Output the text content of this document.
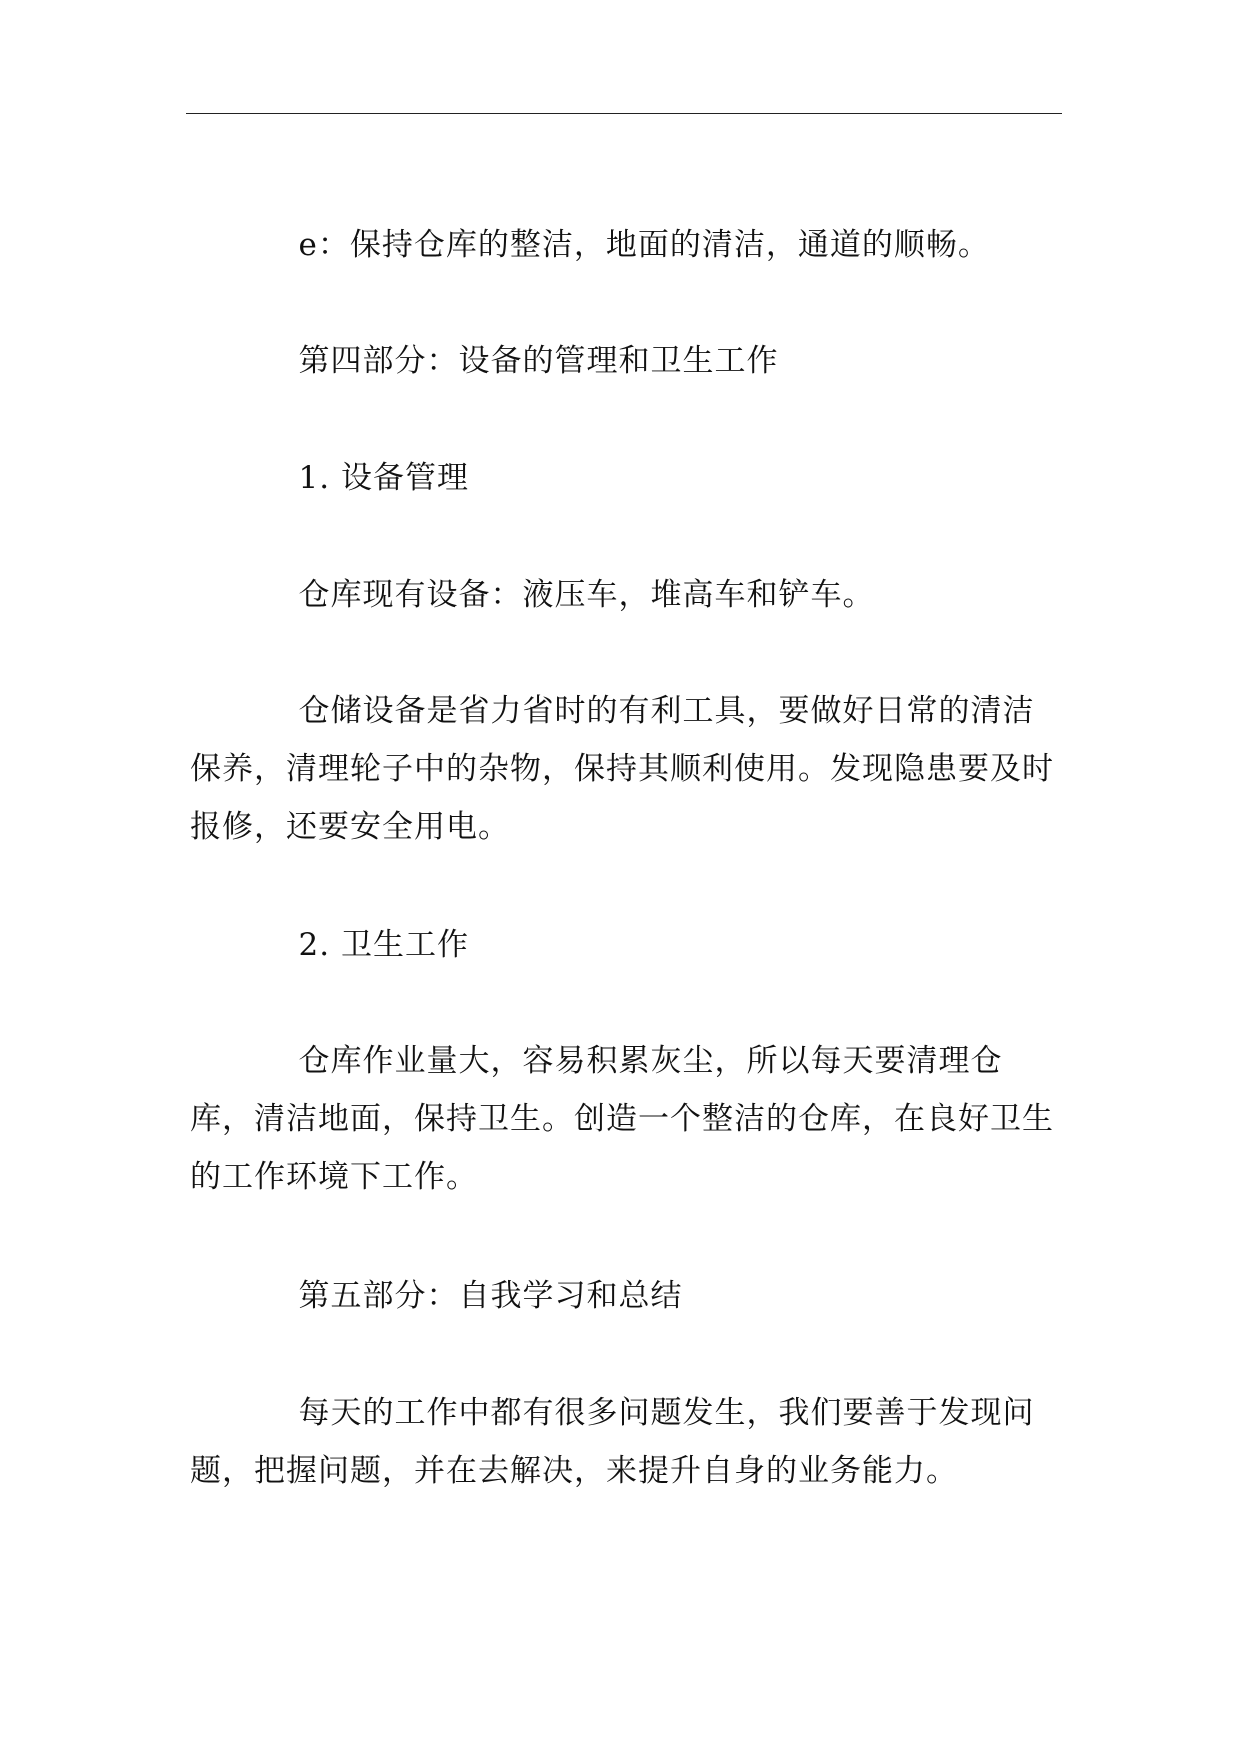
e：保持仓库的整洁，地面的清洁，通道的顺畅。

第四部分：设备的管理和卫生工作

1. 设备管理

仓库现有设备：液压车，堆高车和铲车。

仓储设备是省力省时的有利工具，要做好日常的清洁保养，清理轮子中的杂物，保持其顺利使用。发现隐患要及时报修，还要安全用电。

2. 卫生工作

仓库作业量大，容易积累灰尘，所以每天要清理仓库，清洁地面，保持卫生。创造一个整洁的仓库，在良好卫生的工作环境下工作。

第五部分：自我学习和总结

每天的工作中都有很多问题发生，我们要善于发现问题，把握问题，并在去解决，来提升自身的业务能力。
